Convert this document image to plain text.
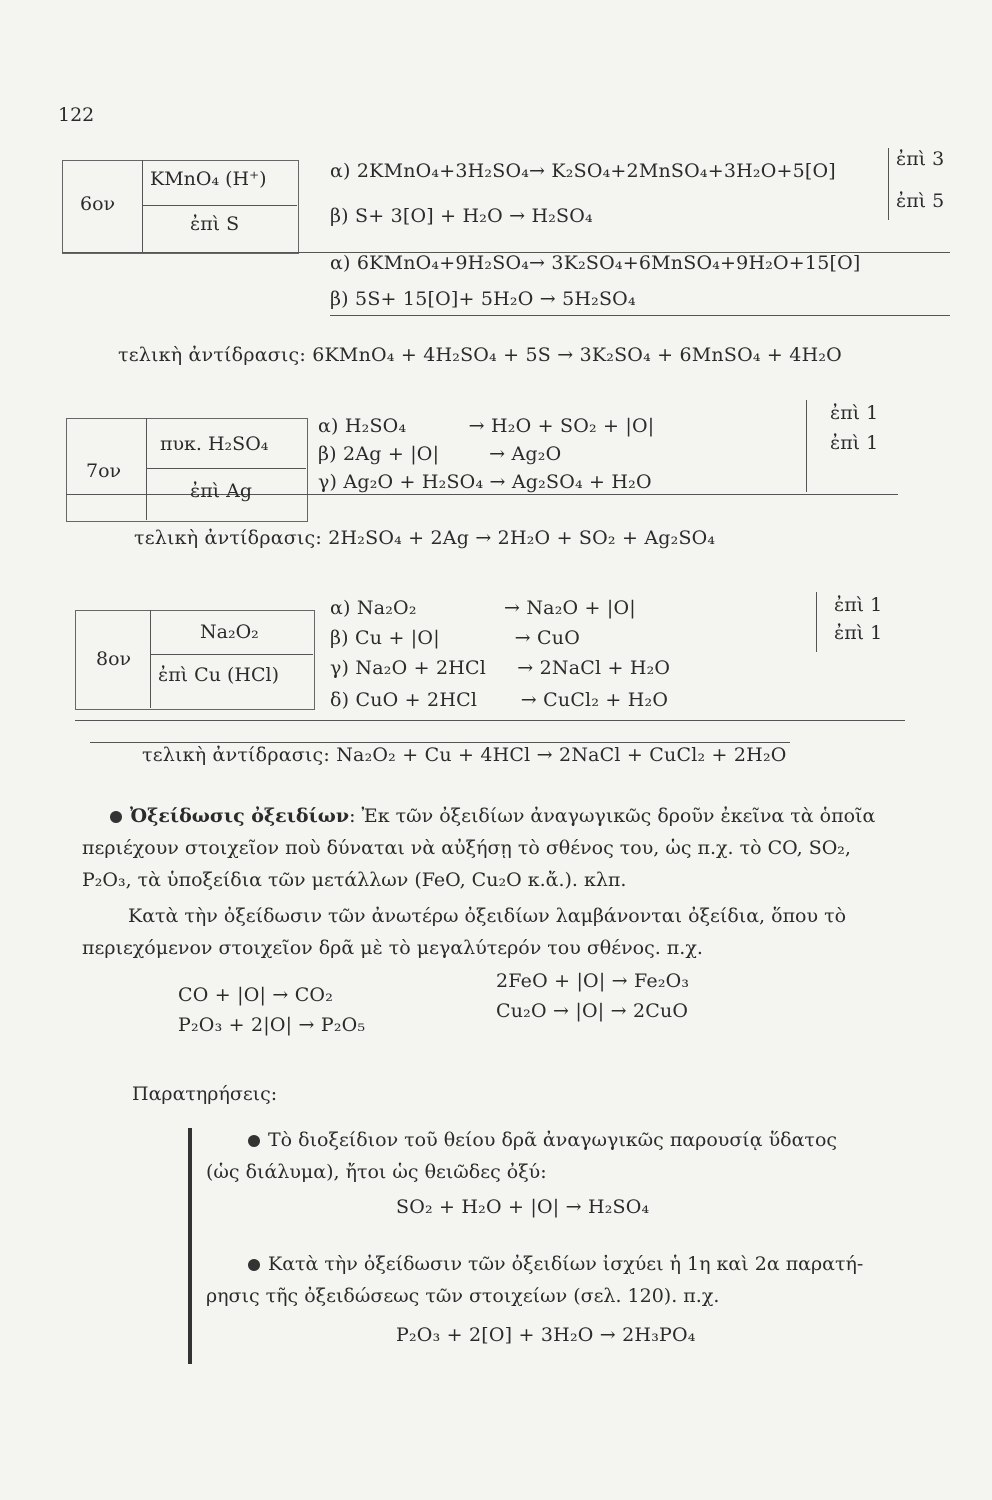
122
6ον
KMnO₄ (H⁺)
ἐπὶ S
α) 2KMnO₄+3H₂SO₄→ K₂SO₄+2MnSO₄+3H₂O+5[O]
β) S+ 3[O] + H₂O → H₂SO₄
ἐπὶ 3
ἐπὶ 5
α) 6KMnO₄+9H₂SO₄→ 3K₂SO₄+6MnSO₄+9H₂O+15[O]
β) 5S+ 15[O]+ 5H₂O → 5H₂SO₄
τελικὴ ἀντίδρασις: 6KMnO₄ + 4H₂SO₄ + 5S → 3K₂SO₄ + 6MnSO₄ + 4H₂O
7ον
πυκ. H₂SO₄
ἐπὶ Ag
α) H₂SO₄          → H₂O + SO₂ + |O|
β) 2Ag + |O|        → Ag₂O
γ) Ag₂O + H₂SO₄ → Ag₂SO₄ + H₂O
ἐπὶ 1
ἐπὶ 1
τελικὴ ἀντίδρασις: 2H₂SO₄ + 2Ag → 2H₂O + SO₂ + Ag₂SO₄
8ον
Na₂O₂
ἐπὶ Cu (HCl)
α) Na₂O₂              → Na₂O + |O|
β) Cu + |O|            → CuO
γ) Na₂O + 2HCl     → 2NaCl + H₂O
δ) CuO + 2HCl       → CuCl₂ + H₂O
ἐπὶ 1
ἐπὶ 1
τελικὴ ἀντίδρασις: Na₂O₂ + Cu + 4HCl → 2NaCl + CuCl₂ + 2H₂O
Ὀξείδωσις ὀξειδίων: Ἐκ τῶν ὀξειδίων ἀναγωγικῶς δροῦν ἐκεῖνα τὰ ὁποῖα
περιέχουν στοιχεῖον ποὺ δύναται νὰ αὐξήσῃ τὸ σθένος του, ὡς π.χ. τὸ CO, SO₂,
P₂O₃, τὰ ὑποξείδια τῶν μετάλλων (FeO, Cu₂O κ.ἄ.). κλπ.
Κατὰ τὴν ὀξείδωσιν τῶν ἀνωτέρω ὀξειδίων λαμβάνονται ὀξείδια, ὅπου τὸ
περιεχόμενον στοιχεῖον δρᾶ μὲ τὸ μεγαλύτερόν του σθένος. π.χ.
CO + |O| → CO₂
P₂O₃ + 2|O| → P₂O₅
2FeO + |O| → Fe₂O₃
Cu₂O → |O| → 2CuO
Παρατηρήσεις:
Τὸ διοξείδιον τοῦ θείου δρᾶ ἀναγωγικῶς παρουσίᾳ ὕδατος
(ὡς διάλυμα), ἤτοι ὡς θειῶδες ὀξύ:
SO₂ + H₂O + |O| → H₂SO₄
Κατὰ τὴν ὀξείδωσιν τῶν ὀξειδίων ἰσχύει ἡ 1η καὶ 2α παρατή-
ρησις τῆς ὀξειδώσεως τῶν στοιχείων (σελ. 120). π.χ.
P₂O₃ + 2[O] + 3H₂O → 2H₃PO₄
